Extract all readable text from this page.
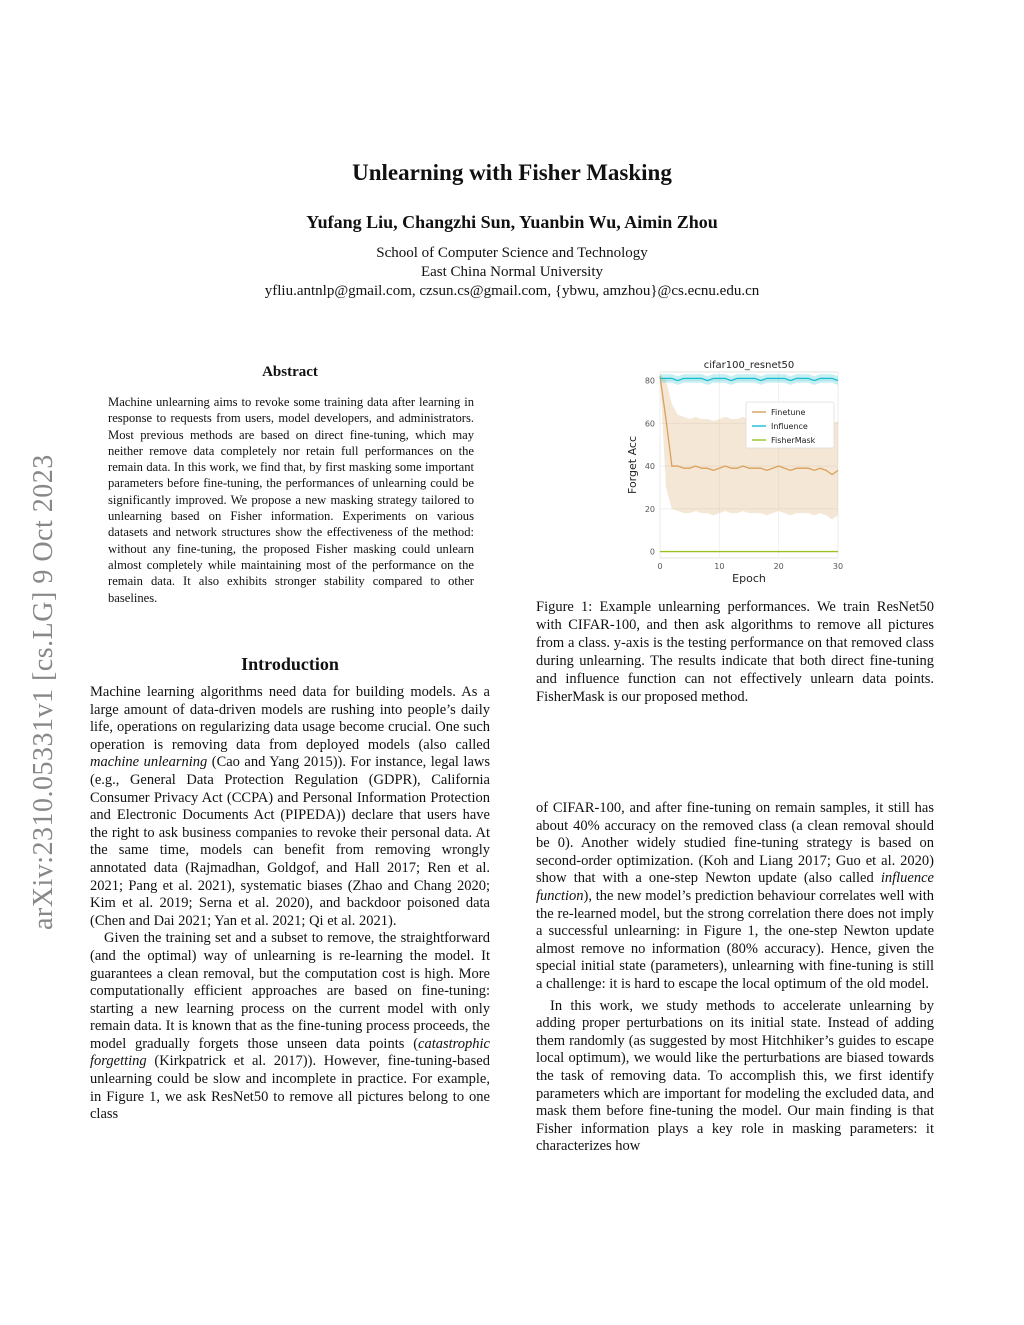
arXiv:2310.05331v1 [cs.LG] 9 Oct 2023
Unlearning with Fisher Masking
Yufang Liu, Changzhi Sun, Yuanbin Wu, Aimin Zhou
School of Computer Science and Technology
East China Normal University
yfliu.antnlp@gmail.com, czsun.cs@gmail.com, {ybwu, amzhou}@cs.ecnu.edu.cn
Abstract
Machine unlearning aims to revoke some training data after learning in response to requests from users, model developers, and administrators. Most previous methods are based on direct fine-tuning, which may neither remove data completely nor retain full performances on the remain data. In this work, we find that, by first masking some important parameters before fine-tuning, the performances of unlearning could be significantly improved. We propose a new masking strategy tailored to unlearning based on Fisher information. Experiments on various datasets and network structures show the effectiveness of the method: without any fine-tuning, the proposed Fisher masking could unlearn almost completely while maintaining most of the performance on the remain data. It also exhibits stronger stability compared to other baselines.
Introduction

Machine learning algorithms need data for building models. As a large amount of data-driven models are rushing into people’s daily life, operations on regularizing data usage become crucial. One such operation is removing data from deployed models (also called machine unlearning (Cao and Yang 2015)). For instance, legal laws (e.g., General Data Protection Regulation (GDPR), California Consumer Privacy Act (CCPA) and Personal Information Protection and Electronic Documents Act (PIPEDA)) declare that users have the right to ask business companies to revoke their personal data. At the same time, models can benefit from removing wrongly annotated data (Rajmadhan, Goldgof, and Hall 2017; Ren et al. 2021; Pang et al. 2021), systematic biases (Zhao and Chang 2020; Kim et al. 2019; Serna et al. 2020), and backdoor poisoned data (Chen and Dai 2021; Yan et al. 2021; Qi et al. 2021).

Given the training set and a subset to remove, the straightforward (and the optimal) way of unlearning is re-learning the model. It guarantees a clean removal, but the computation cost is high. More computationally efficient approaches are based on fine-tuning: starting a new learning process on the current model with only remain data. It is known that as the fine-tuning process proceeds, the model gradually forgets those unseen data points (catastrophic forgetting (Kirkpatrick et al. 2017)). However, fine-tuning-based unlearning could be slow and incomplete in practice. For example, in Figure 1, we ask ResNet50 to remove all pictures belong to one class

0
20
40
60
80
0	10	20	30
cifar100_resnet50
Epoch
Forget Acc
Finetune
Influence
FisherMask
Figure 1: Example unlearning performances. We train ResNet50 with CIFAR-100, and then ask algorithms to remove all pictures from a class. y-axis is the testing performance on that removed class during unlearning. The results indicate that both direct fine-tuning and influence function can not effectively unlearn data points. FisherMask is our proposed method.

of CIFAR-100, and after fine-tuning on remain samples, it still has about 40% accuracy on the removed class (a clean removal should be 0). Another widely studied fine-tuning strategy is based on second-order optimization. (Koh and Liang 2017; Guo et al. 2020) show that with a one-step Newton update (also called influence function), the new model’s prediction behaviour correlates well with the re-learned model, but the strong correlation there does not imply a successful unlearning: in Figure 1, the one-step Newton update almost remove no information (80% accuracy). Hence, given the special initial state (parameters), unlearning with fine-tuning is still a challenge: it is hard to escape the local optimum of the old model.

In this work, we study methods to accelerate unlearning by adding proper perturbations on its initial state. Instead of adding them randomly (as suggested by most Hitchhiker’s guides to escape local optimum), we would like the perturbations are biased towards the task of removing data. To accomplish this, we first identify parameters which are important for modeling the excluded data, and mask them before fine-tuning the model. Our main finding is that Fisher information plays a key role in masking parameters: it characterizes how
